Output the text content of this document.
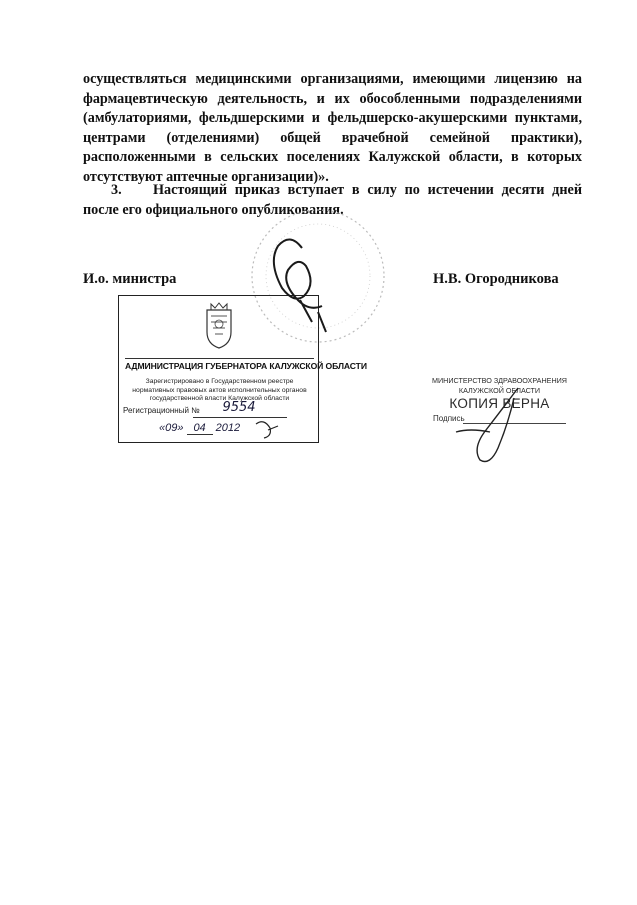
осуществляться медицинскими организациями, имеющими лицензию на фармацевтическую деятельность, и их обособленными подразделениями (амбулаториями, фельдшерскими и фельдшерско-акушерскими пунктами, центрами (отделениями) общей врачебной семейной практики), расположенными в сельских поселениях Калужской области, в которых отсутствуют аптечные организации)».
3. Настоящий приказ вступает в силу по истечении десяти дней после его официального опубликования.
И.о. министра	Н.В. Огородникова
АДМИНИСТРАЦИЯ ГУБЕРНАТОРА КАЛУЖСКОЙ ОБЛАСТИ
Зарегистрировано в Государственном реестре нормативных правовых актов исполнительных органов государственной власти Калужской области
Регистрационный №	9554
«09» 04 2012
МИНИСТЕРСТВО ЗДРАВООХРАНЕНИЯ
КАЛУЖСКОЙ ОБЛАСТИ
КОПИЯ ВЕРНА
Подпись
